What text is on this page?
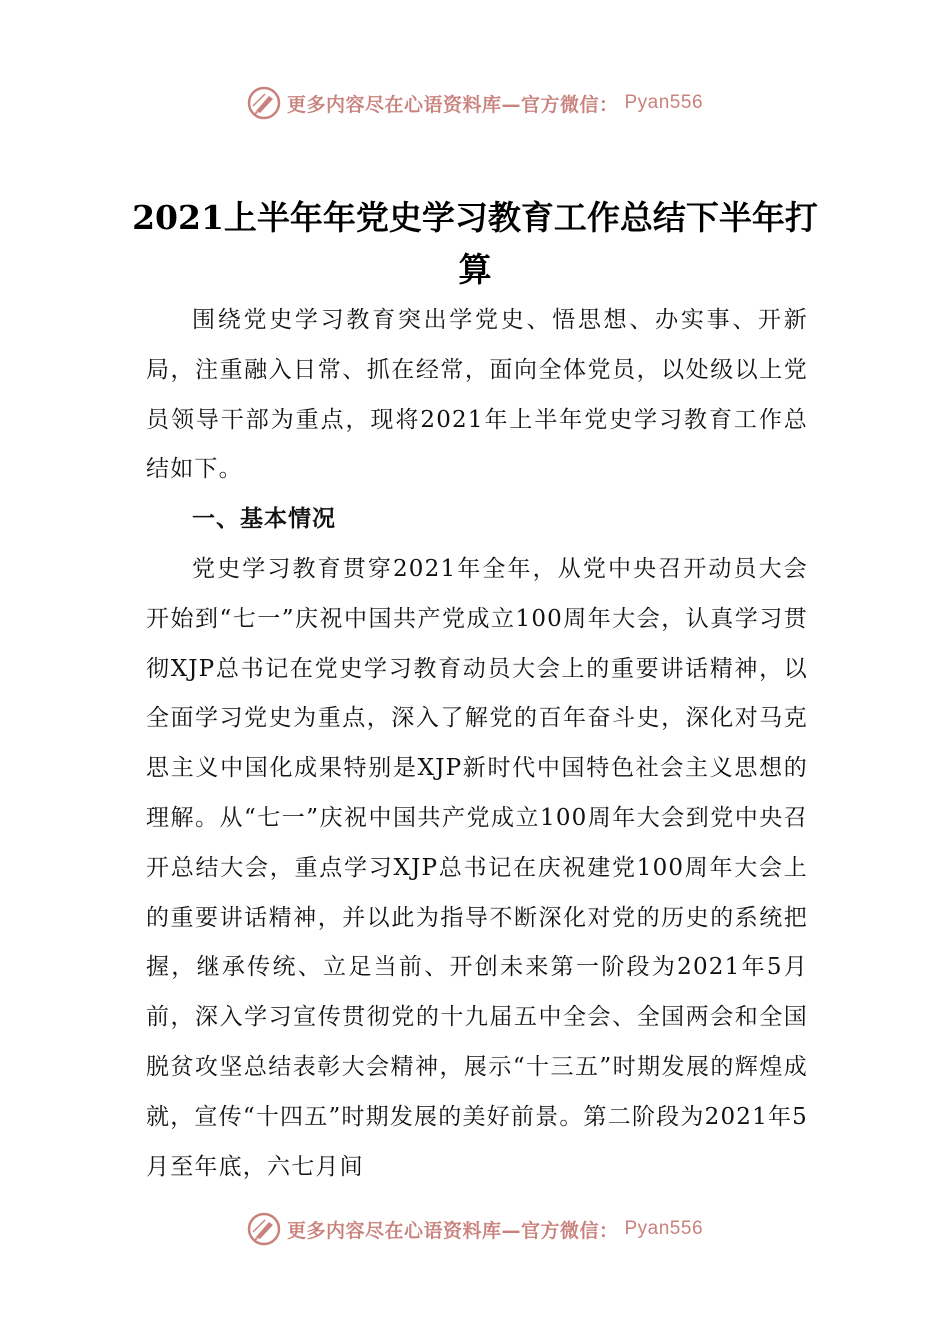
更多内容尽在心语资料库—官方微信： Pyan556
2021上半年年党史学习教育工作总结下半年打算

围绕党史学习教育突出学党史、悟思想、办实事、开新局，注重融入日常、抓在经常，面向全体党员，以处级以上党员领导干部为重点，现将2021年上半年党史学习教育工作总结如下。

一、基本情况

党史学习教育贯穿2021年全年，从党中央召开动员大会开始到“七一”庆祝中国共产党成立100周年大会，认真学习贯彻XJP总书记在党史学习教育动员大会上的重要讲话精神，以全面学习党史为重点，深入了解党的百年奋斗史，深化对马克思主义中国化成果特别是XJP新时代中国特色社会主义思想的理解。从“七一”庆祝中国共产党成立100周年大会到党中央召开总结大会，重点学习XJP总书记在庆祝建党100周年大会上的重要讲话精神，并以此为指导不断深化对党的历史的系统把握，继承传统、立足当前、开创未来第一阶段为2021年5月前，深入学习宣传贯彻党的十九届五中全会、全国两会和全国脱贫攻坚总结表彰大会精神，展示“十三五”时期发展的辉煌成就，宣传“十四五”时期发展的美好前景。第二阶段为2021年5月至年底，六七月间

更多内容尽在心语资料库—官方微信： Pyan556
